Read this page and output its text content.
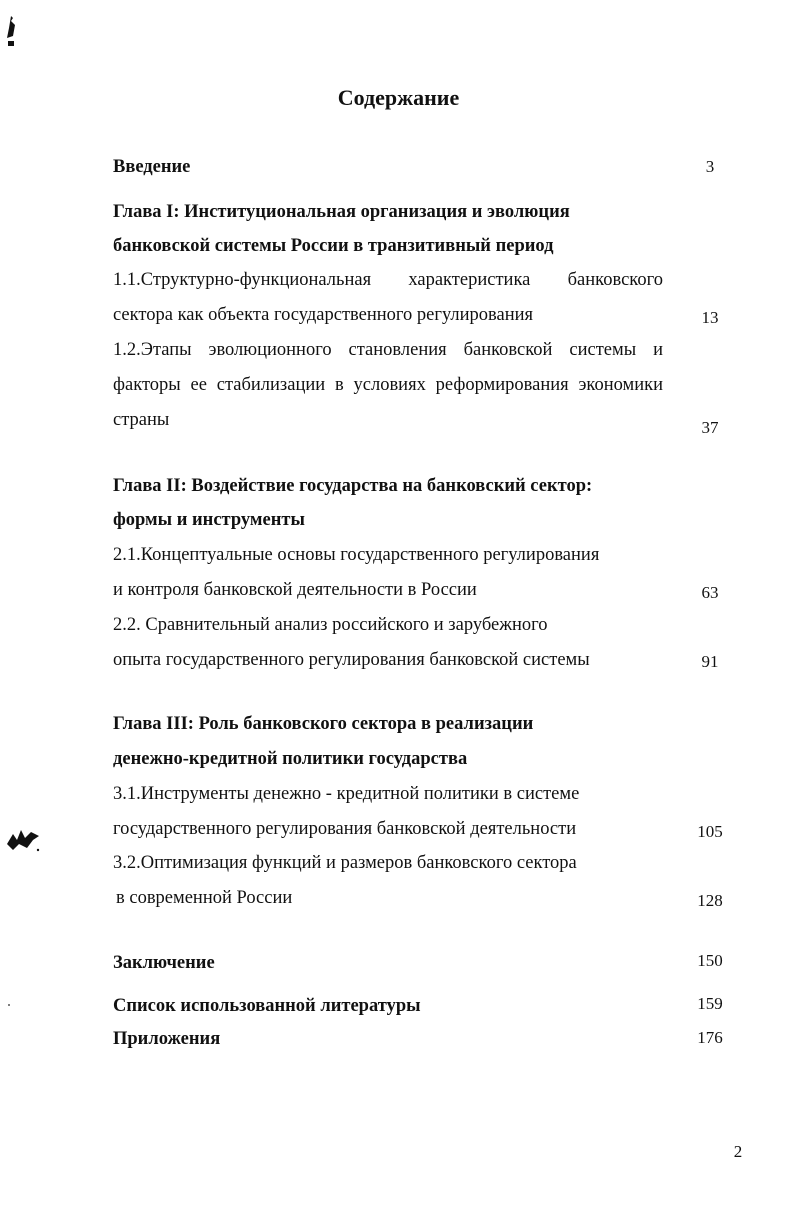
Содержание
Введение	3
Глава I: Институциональная организация и эволюция
банковской системы России в транзитивный период
1.1.Структурно-функциональная характеристика банковского
сектора как объекта государственного регулирования	13
1.2.Этапы эволюционного становления банковской системы и
факторы ее стабилизации в условиях реформирования экономики
страны	37
Глава II: Воздействие государства на банковский сектор:
формы и инструменты
2.1.Концептуальные основы государственного регулирования
и контроля банковской деятельности в России	63
2.2. Сравнительный анализ российского и зарубежного
опыта государственного регулирования банковской системы	91
Глава III: Роль банковского сектора в реализации
денежно-кредитной политики государства
3.1.Инструменты денежно - кредитной политики в системе
государственного регулирования банковской деятельности	105
3.2.Оптимизация функций и размеров банковского сектора
в современной России	128
Заключение	150
Список использованной литературы	159
Приложения	176
2
